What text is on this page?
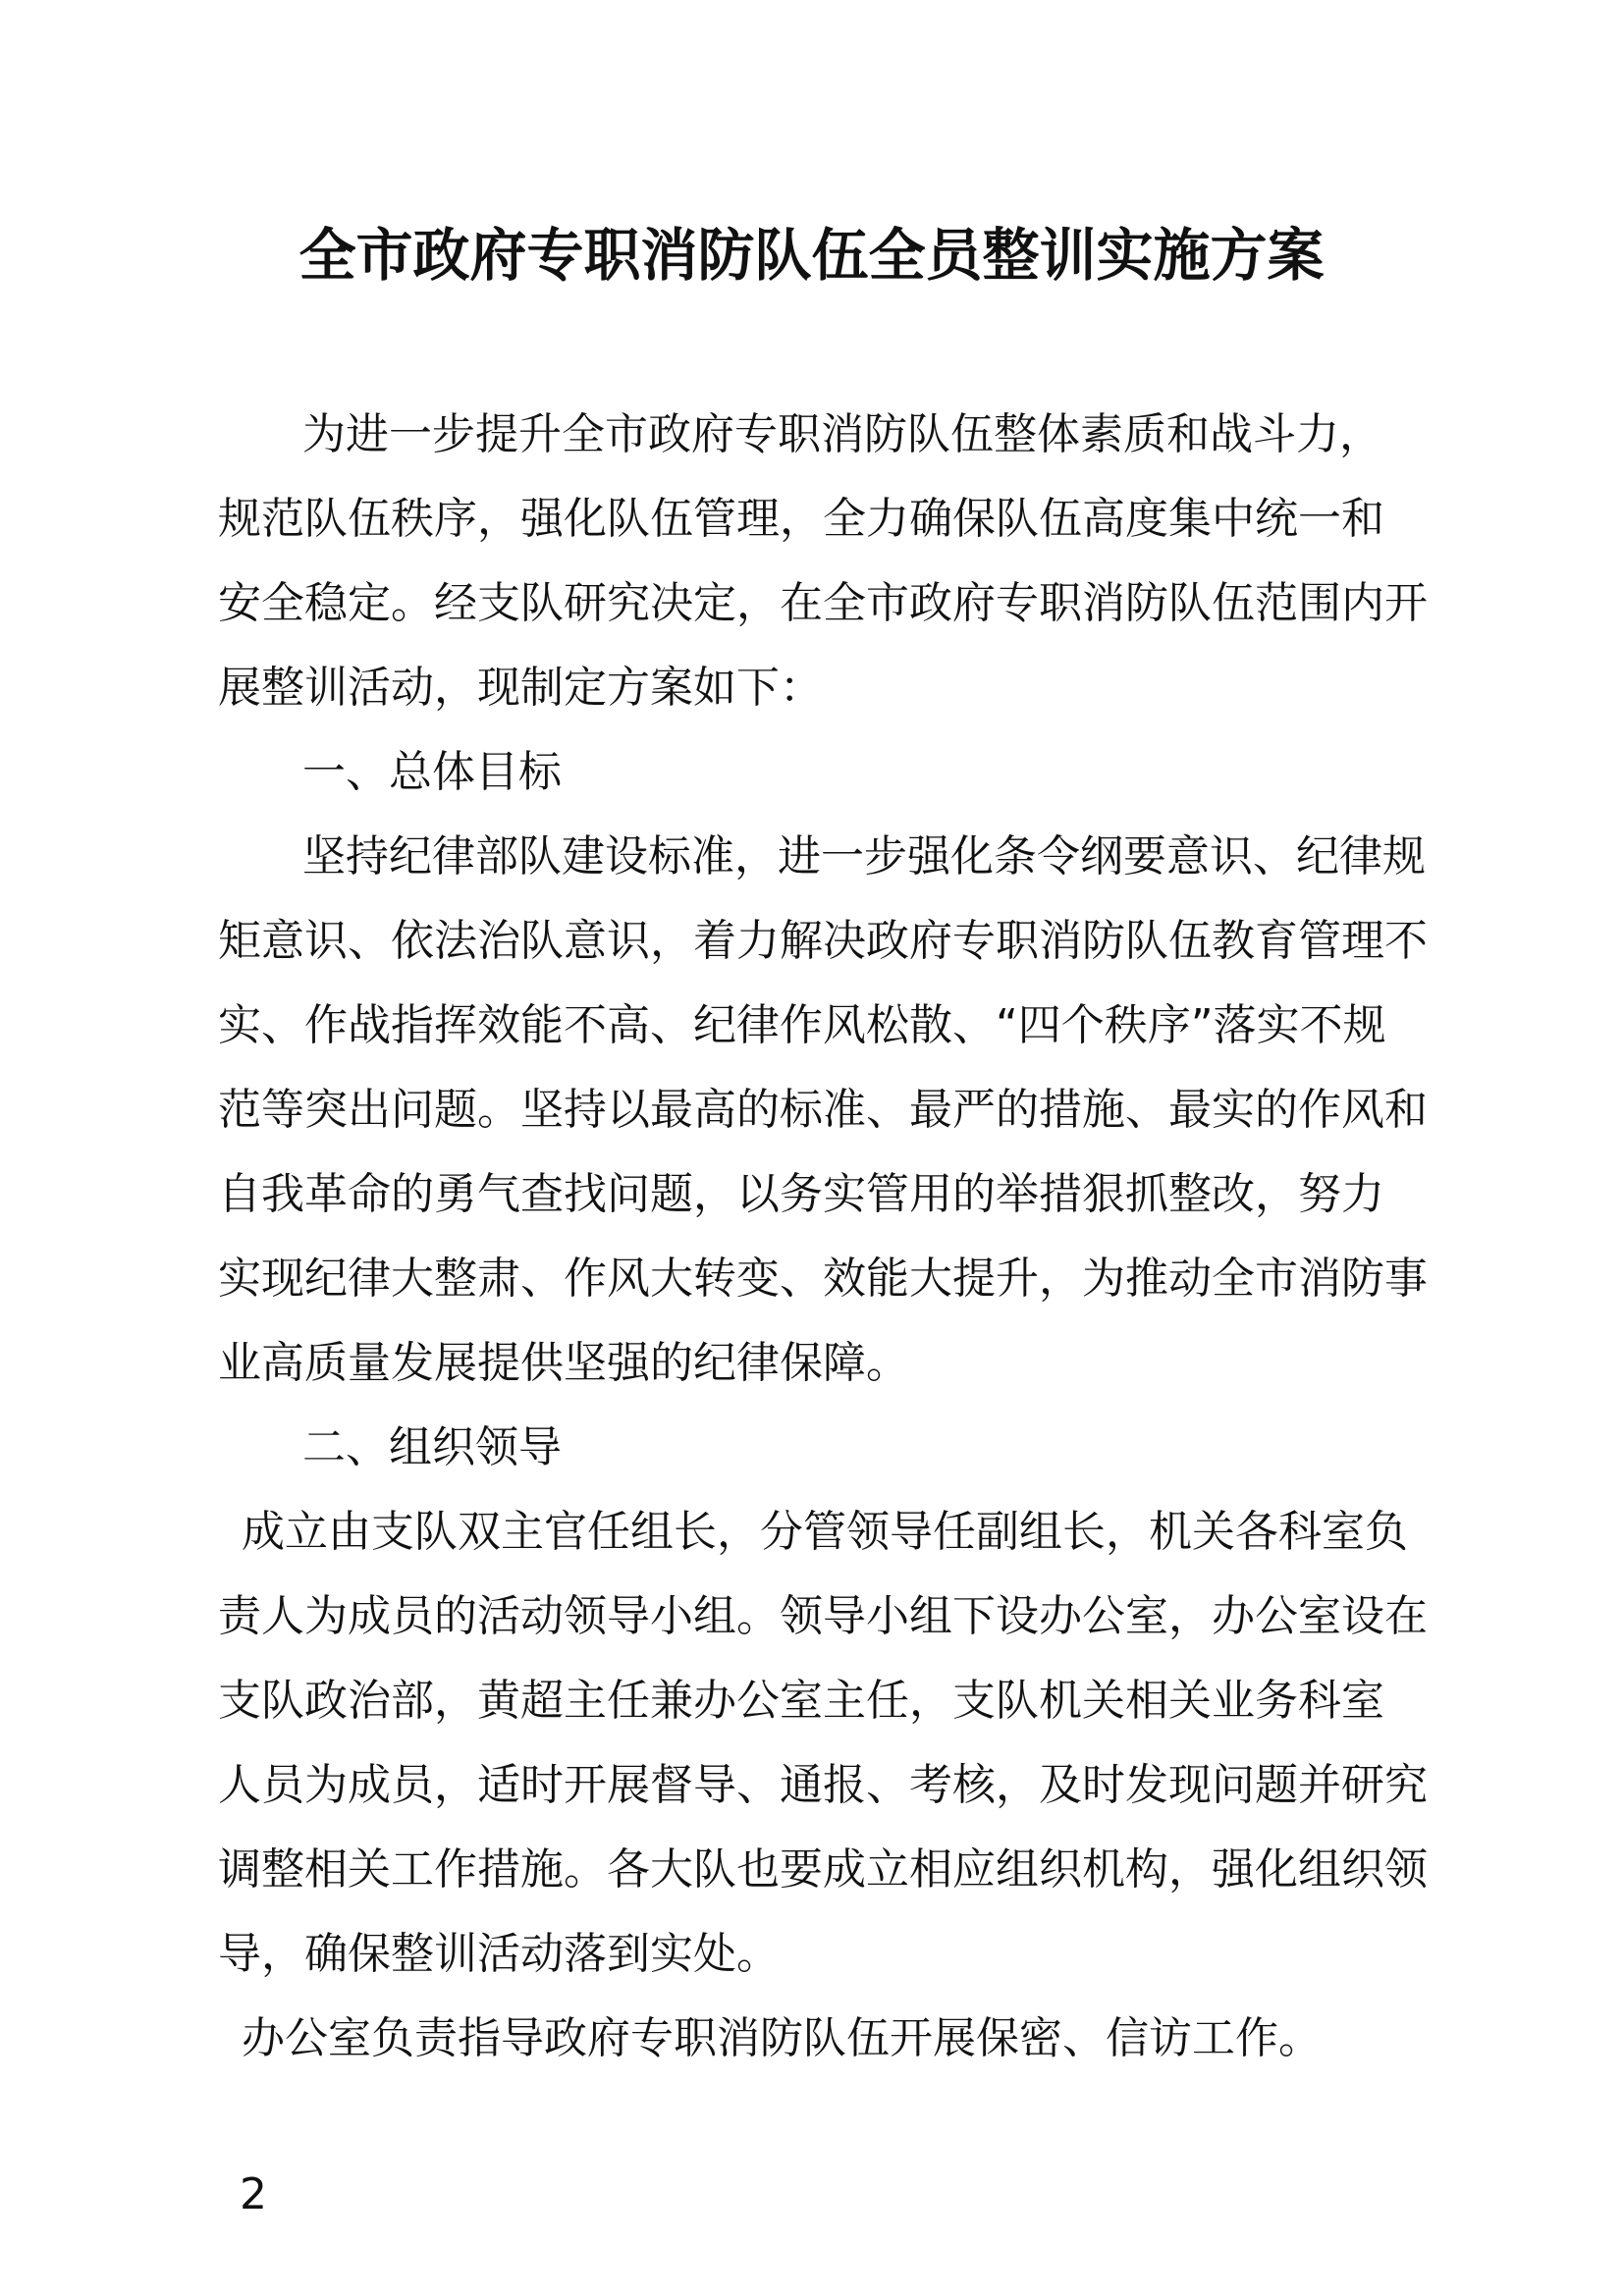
全市政府专职消防队伍全员整训实施方案

为进一步提升全市政府专职消防队伍整体素质和战斗力，

规范队伍秩序，强化队伍管理，全力确保队伍高度集中统一和

安全稳定。经支队研究决定，在全市政府专职消防队伍范围内开

展整训活动，现制定方案如下：

一、总体目标

坚持纪律部队建设标准，进一步强化条令纲要意识、纪律规

矩意识、依法治队意识，着力解决政府专职消防队伍教育管理不

实、作战指挥效能不高、纪律作风松散、“四个秩序”落实不规

范等突出问题。坚持以最高的标准、最严的措施、最实的作风和

自我革命的勇气查找问题，以务实管用的举措狠抓整改，努力

实现纪律大整肃、作风大转变、效能大提升，为推动全市消防事

业高质量发展提供坚强的纪律保障。

二、组织领导

成立由支队双主官任组长，分管领导任副组长，机关各科室负

责人为成员的活动领导小组。领导小组下设办公室，办公室设在

支队政治部，黄超主任兼办公室主任，支队机关相关业务科室

人员为成员，适时开展督导、通报、考核，及时发现问题并研究

调整相关工作措施。各大队也要成立相应组织机构，强化组织领

导，确保整训活动落到实处。

办公室负责指导政府专职消防队伍开展保密、信访工作。

2
